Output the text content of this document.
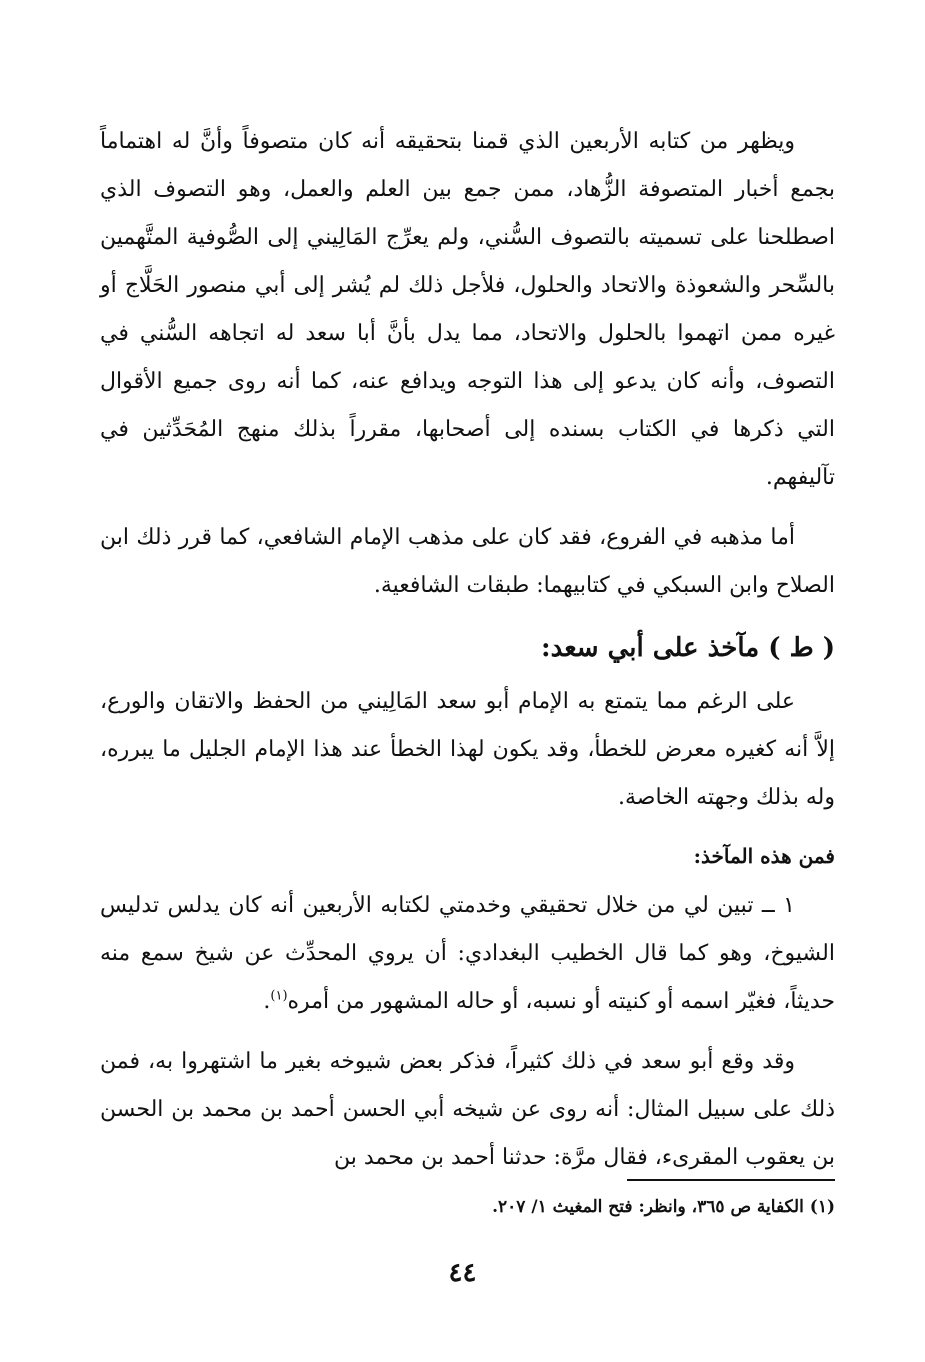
ويظهر من كتابه الأربعين الذي قمنا بتحقيقه أنه كان متصوفاً وأنَّ له اهتماماً بجمع أخبار المتصوفة الزُّهاد، ممن جمع بين العلم والعمل، وهو التصوف الذي اصطلحنا على تسميته بالتصوف السُّني، ولم يعرِّج المَالِيني إلى الصُّوفية المتَّهمين بالسِّحر والشعوذة والاتحاد والحلول، فلأجل ذلك لم يُشر إلى أبي منصور الحَلَّاج أو غيره ممن اتهموا بالحلول والاتحاد، مما يدل بأنَّ أبا سعد له اتجاهه السُّني في التصوف، وأنه كان يدعو إلى هذا التوجه ويدافع عنه، كما أنه روى جميع الأقوال التي ذكرها في الكتاب بسنده إلى أصحابها، مقرراً بذلك منهج المُحَدِّثين في تآليفهم.

أما مذهبه في الفروع، فقد كان على مذهب الإمام الشافعي، كما قرر ذلك ابن الصلاح وابن السبكي في كتابيهما: طبقات الشافعية.

( ط ) مآخذ على أبي سعد:

على الرغم مما يتمتع به الإمام أبو سعد المَالِيني من الحفظ والاتقان والورع، إلاَّ أنه كغيره معرض للخطأ، وقد يكون لهذا الخطأ عند هذا الإمام الجليل ما يبرره، وله بذلك وجهته الخاصة.

فمن هذه المآخذ:

١ ــ تبين لي من خلال تحقيقي وخدمتي لكتابه الأربعين أنه كان يدلس تدليس الشيوخ، وهو كما قال الخطيب البغدادي: أن يروي المحدِّث عن شيخ سمع منه حديثاً، فغيّر اسمه أو كنيته أو نسبه، أو حاله المشهور من أمره$^{(١)}$.

وقد وقع أبو سعد في ذلك كثيراً، فذكر بعض شيوخه بغير ما اشتهروا به، فمن ذلك على سبيل المثال: أنه روى عن شيخه أبي الحسن أحمد بن محمد بن الحسن بن يعقوب المقرىء، فقال مرَّة: حدثنا أحمد بن محمد بن

(١) الكفاية ص ٣٦٥، وانظر: فتح المغيث ١/ ٢٠٧.
٤٤
